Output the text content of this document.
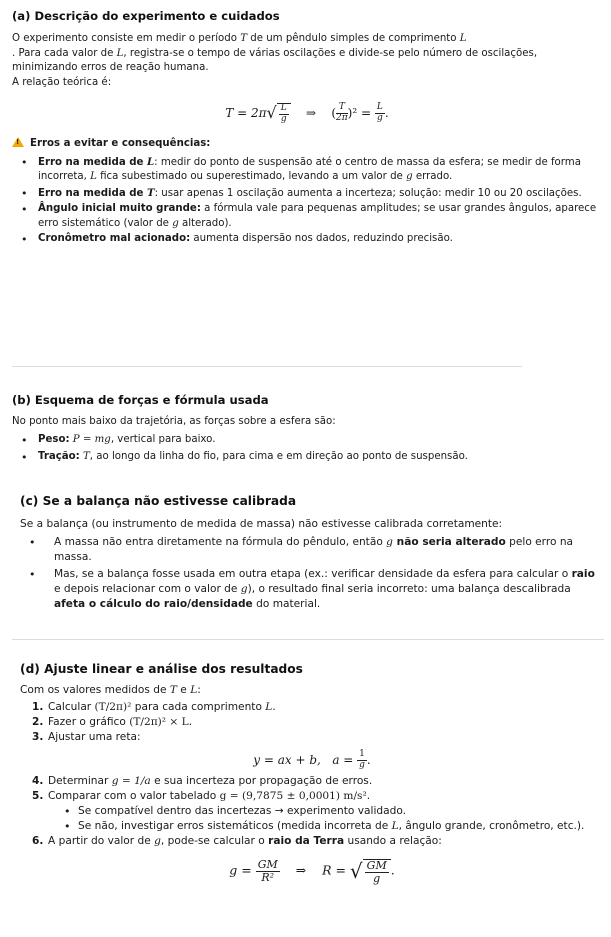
(a) Descrição do experimento e cuidados

O experimento consiste em medir o período T de um pêndulo simples de comprimento L
. Para cada valor de L, registra-se o tempo de várias oscilações e divide-se pelo número de oscilações, minimizando erros de reação humana.

A relação teórica é:

$T = 2\pi√ \frac{L}{g}$ ⇒ ( $\frac{T}{2\pi} )^2 = \frac{L}{g}$ .

!Erros a evitar e consequências:

• Erro na medida de L: medir do ponto de suspensão até o centro de massa da esfera; se medir de forma incorreta, L fica subestimado ou superestimado, levando a um valor de g errado.
• Erro na medida de T: usar apenas 1 oscilação aumenta a incerteza; solução: medir 10 ou 20 oscilações.
• Ângulo inicial muito grande: a fórmula vale para pequenas amplitudes; se usar grandes ângulos, aparece erro sistemático (valor de g alterado).
• Cronômetro mal acionado: aumenta dispersão nos dados, reduzindo precisão.
(b) Esquema de forças e fórmula usada

No ponto mais baixo da trajetória, as forças sobre a esfera são:

• Peso: P = mg, vertical para baixo.
• Tração: T, ao longo da linha do fio, para cima e em direção ao ponto de suspensão.
(c) Se a balança não estivesse calibrada

Se a balança (ou instrumento de medida de massa) não estivesse calibrada corretamente:

• A massa não entra diretamente na fórmula do pêndulo, então g não seria alterado pelo erro na massa.
• Mas, se a balança fosse usada em outra etapa (ex.: verificar densidade da esfera para calcular o raio e depois relacionar com o valor de g), o resultado final seria incorreto: uma balança descalibrada afeta o cálculo do raio/densidade do material.
(d) Ajuste linear e análise dos resultados

Com os valores medidos de T e L:

1. Calcular (T/2π)² para cada comprimento L.
2. Fazer o gráfico (T/2π)² × L.
3. Ajustar uma reta:
y = ax + b, $a = \frac{1}{g}$ .
4. Determinar g = 1/a e sua incerteza por propagação de erros.
5. Comparar com o valor tabelado g = (9,7875 ± 0,0001) m/s².
• Se compatível dentro das incertezas → experimento validado.
• Se não, investigar erros sistemáticos (medida incorreta de L, ângulo grande, cronômetro, etc.).
6. A partir do valor de g, pode-se calcular o raio da Terra usando a relação:
$g = \frac{GM}{\text{R²}}$ ⇒ R = √ $\frac{GM}{g}$ .
